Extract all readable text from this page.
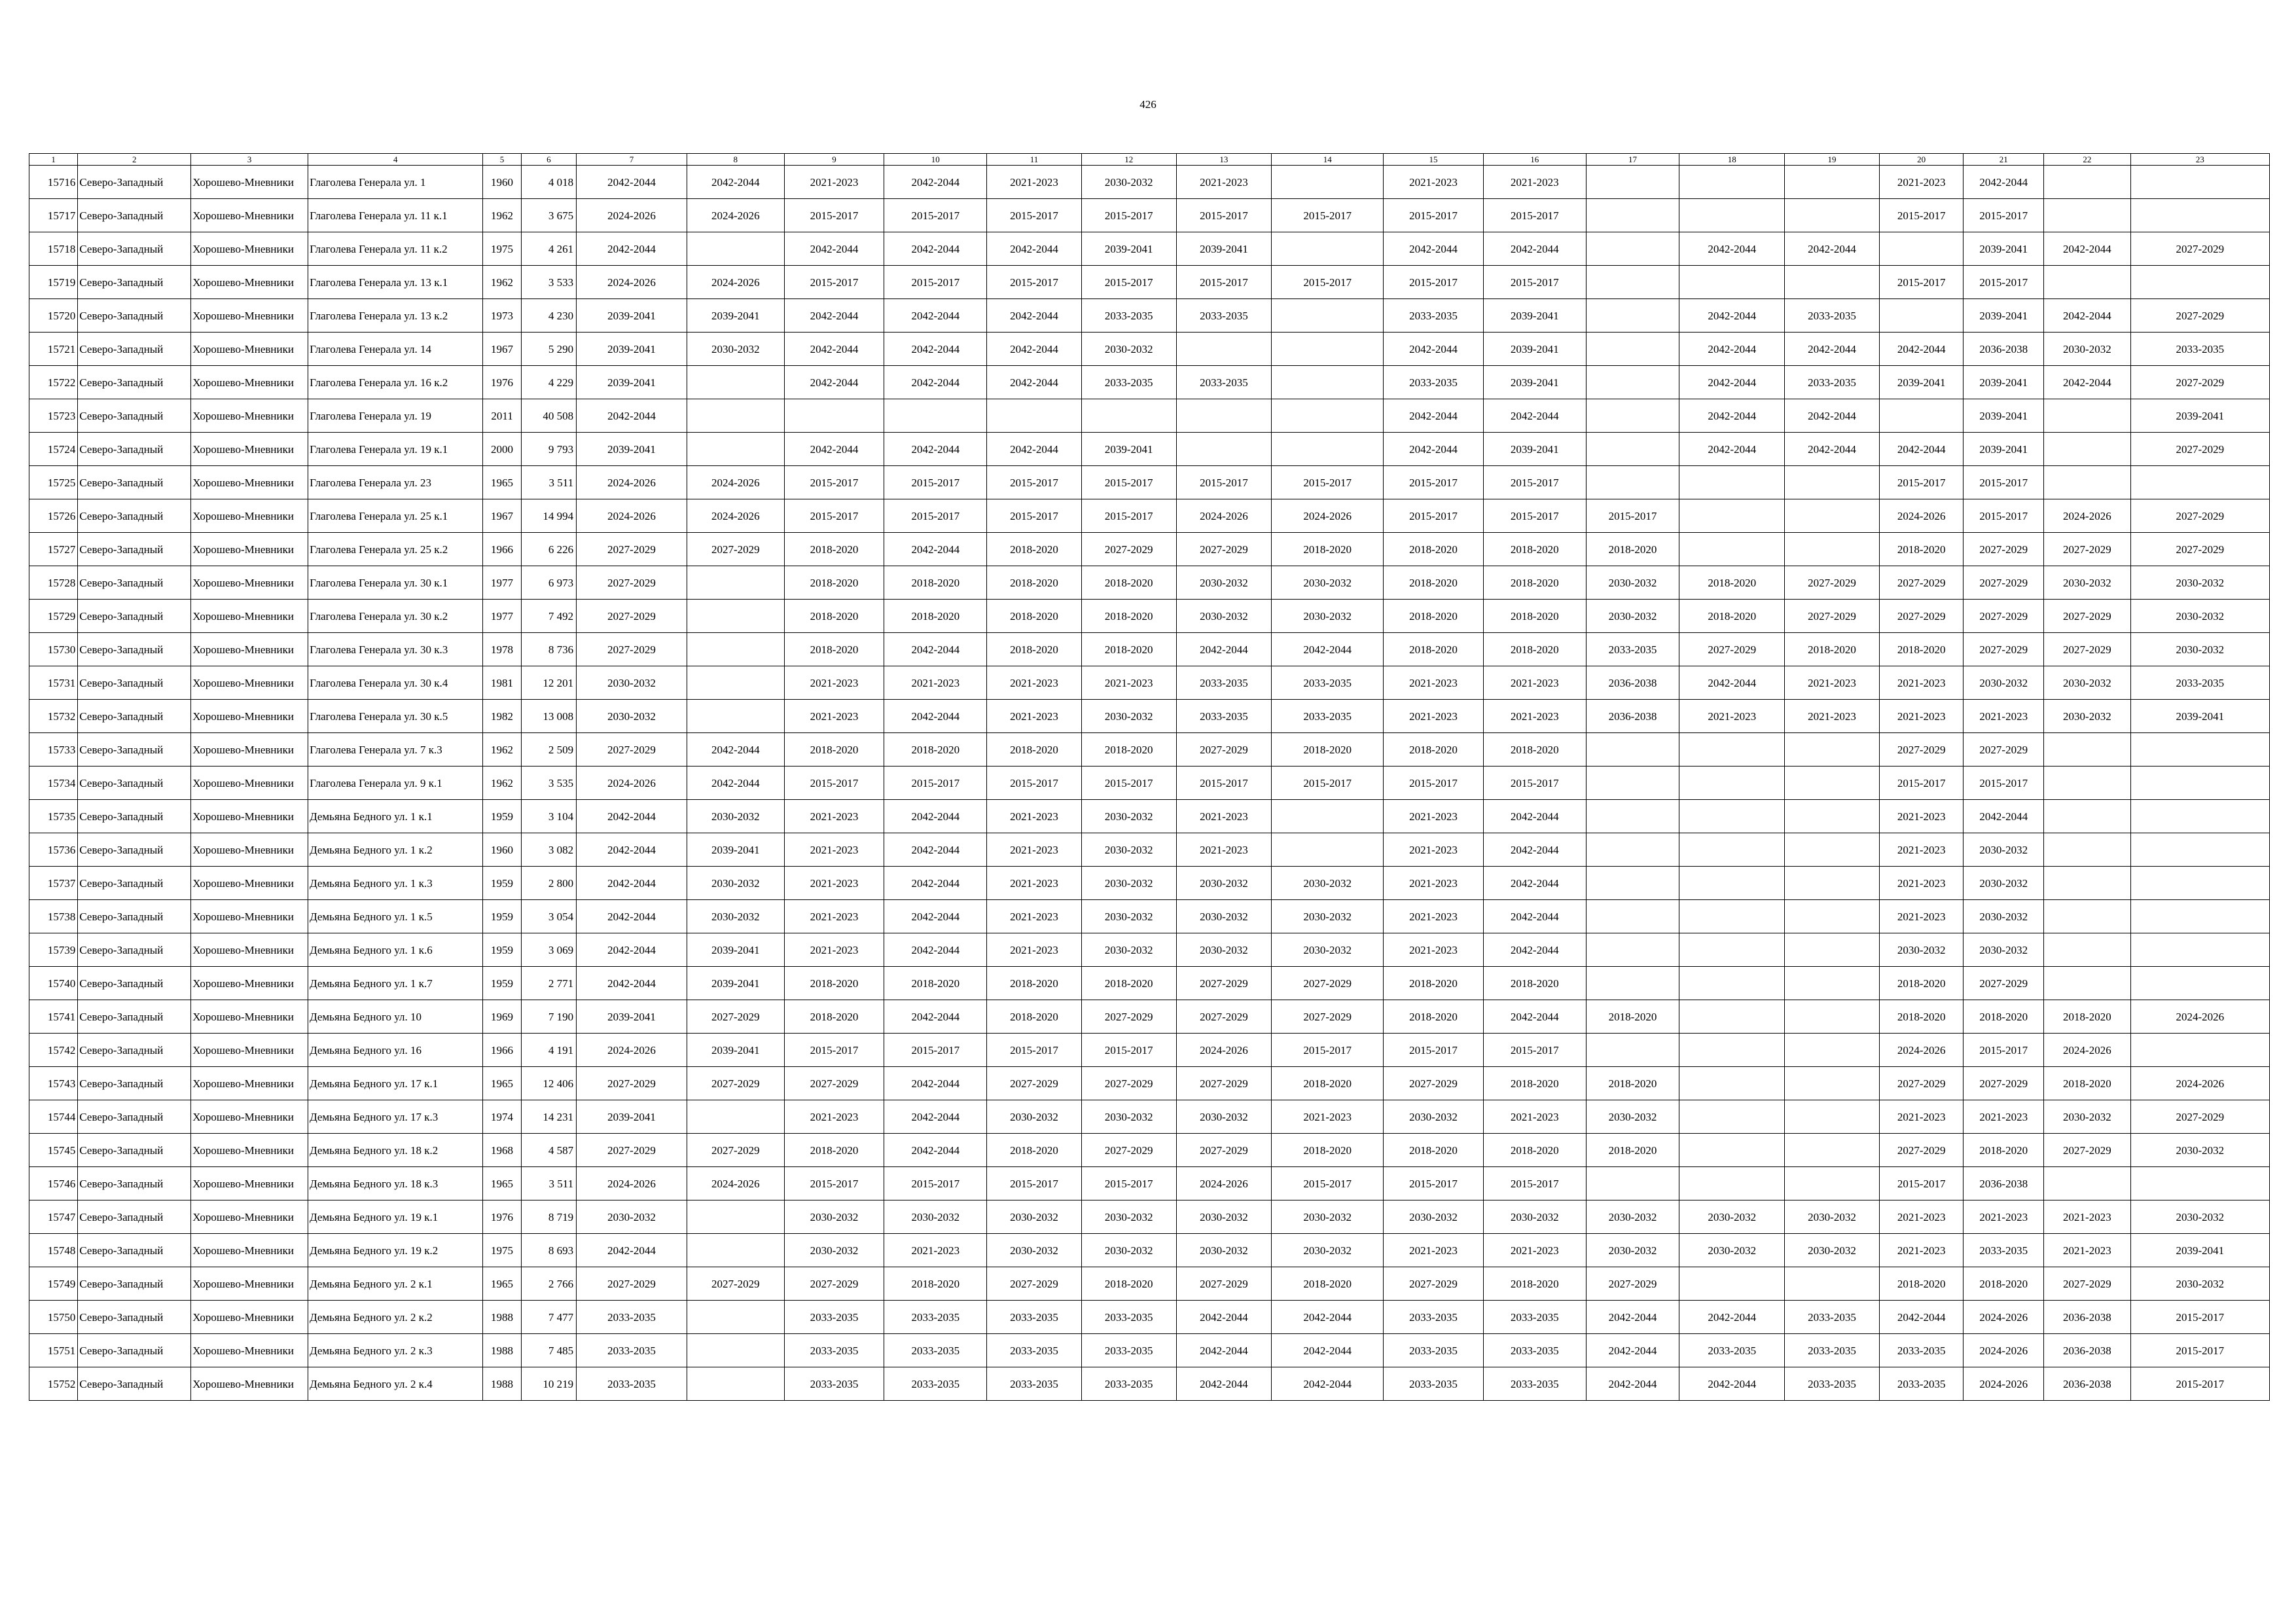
426
1	2	3	4	5	6	7	8	9	10	11	12	13	14	15	16	17	18	19	20	21	22	23
15716	Северо-Западный	Хорошево-Мневники	Глаголева Генерала ул. 1	1960	4 018	2042-2044	2042-2044	2021-2023	2042-2044	2021-2023	2030-2032	2021-2023		2021-2023	2021-2023				2021-2023	2042-2044		
15717	Северо-Западный	Хорошево-Мневники	Глаголева Генерала ул. 11 к.1	1962	3 675	2024-2026	2024-2026	2015-2017	2015-2017	2015-2017	2015-2017	2015-2017	2015-2017	2015-2017	2015-2017				2015-2017	2015-2017		
15718	Северо-Западный	Хорошево-Мневники	Глаголева Генерала ул. 11 к.2	1975	4 261	2042-2044		2042-2044	2042-2044	2042-2044	2039-2041	2039-2041		2042-2044	2042-2044		2042-2044	2042-2044		2039-2041	2042-2044	2027-2029
15719	Северо-Западный	Хорошево-Мневники	Глаголева Генерала ул. 13 к.1	1962	3 533	2024-2026	2024-2026	2015-2017	2015-2017	2015-2017	2015-2017	2015-2017	2015-2017	2015-2017	2015-2017				2015-2017	2015-2017		
15720	Северо-Западный	Хорошево-Мневники	Глаголева Генерала ул. 13 к.2	1973	4 230	2039-2041	2039-2041	2042-2044	2042-2044	2042-2044	2033-2035	2033-2035		2033-2035	2039-2041		2042-2044	2033-2035		2039-2041	2042-2044	2027-2029
15721	Северо-Западный	Хорошево-Мневники	Глаголева Генерала ул. 14	1967	5 290	2039-2041	2030-2032	2042-2044	2042-2044	2042-2044	2030-2032			2042-2044	2039-2041		2042-2044	2042-2044	2042-2044	2036-2038	2030-2032	2033-2035
15722	Северо-Западный	Хорошево-Мневники	Глаголева Генерала ул. 16 к.2	1976	4 229	2039-2041		2042-2044	2042-2044	2042-2044	2033-2035	2033-2035		2033-2035	2039-2041		2042-2044	2033-2035	2039-2041	2039-2041	2042-2044	2027-2029
15723	Северо-Западный	Хорошево-Мневники	Глаголева Генерала ул. 19	2011	40 508	2042-2044								2042-2044	2042-2044		2042-2044	2042-2044		2039-2041		2039-2041
15724	Северо-Западный	Хорошево-Мневники	Глаголева Генерала ул. 19 к.1	2000	9 793	2039-2041		2042-2044	2042-2044	2042-2044	2039-2041			2042-2044	2039-2041		2042-2044	2042-2044	2042-2044	2039-2041		2027-2029
15725	Северо-Западный	Хорошево-Мневники	Глаголева Генерала ул. 23	1965	3 511	2024-2026	2024-2026	2015-2017	2015-2017	2015-2017	2015-2017	2015-2017	2015-2017	2015-2017	2015-2017				2015-2017	2015-2017		
15726	Северо-Западный	Хорошево-Мневники	Глаголева Генерала ул. 25 к.1	1967	14 994	2024-2026	2024-2026	2015-2017	2015-2017	2015-2017	2015-2017	2024-2026	2024-2026	2015-2017	2015-2017	2015-2017			2024-2026	2015-2017	2024-2026	2027-2029
15727	Северо-Западный	Хорошево-Мневники	Глаголева Генерала ул. 25 к.2	1966	6 226	2027-2029	2027-2029	2018-2020	2042-2044	2018-2020	2027-2029	2027-2029	2018-2020	2018-2020	2018-2020	2018-2020			2018-2020	2027-2029	2027-2029	2027-2029
15728	Северо-Западный	Хорошево-Мневники	Глаголева Генерала ул. 30 к.1	1977	6 973	2027-2029		2018-2020	2018-2020	2018-2020	2018-2020	2030-2032	2030-2032	2018-2020	2018-2020	2030-2032	2018-2020	2027-2029	2027-2029	2027-2029	2030-2032	2030-2032
15729	Северо-Западный	Хорошево-Мневники	Глаголева Генерала ул. 30 к.2	1977	7 492	2027-2029		2018-2020	2018-2020	2018-2020	2018-2020	2030-2032	2030-2032	2018-2020	2018-2020	2030-2032	2018-2020	2027-2029	2027-2029	2027-2029	2027-2029	2030-2032
15730	Северо-Западный	Хорошево-Мневники	Глаголева Генерала ул. 30 к.3	1978	8 736	2027-2029		2018-2020	2042-2044	2018-2020	2018-2020	2042-2044	2042-2044	2018-2020	2018-2020	2033-2035	2027-2029	2018-2020	2018-2020	2027-2029	2027-2029	2030-2032
15731	Северо-Западный	Хорошево-Мневники	Глаголева Генерала ул. 30 к.4	1981	12 201	2030-2032		2021-2023	2021-2023	2021-2023	2021-2023	2033-2035	2033-2035	2021-2023	2021-2023	2036-2038	2042-2044	2021-2023	2021-2023	2030-2032	2030-2032	2033-2035
15732	Северо-Западный	Хорошево-Мневники	Глаголева Генерала ул. 30 к.5	1982	13 008	2030-2032		2021-2023	2042-2044	2021-2023	2030-2032	2033-2035	2033-2035	2021-2023	2021-2023	2036-2038	2021-2023	2021-2023	2021-2023	2021-2023	2030-2032	2039-2041
15733	Северо-Западный	Хорошево-Мневники	Глаголева Генерала ул. 7 к.3	1962	2 509	2027-2029	2042-2044	2018-2020	2018-2020	2018-2020	2018-2020	2027-2029	2018-2020	2018-2020	2018-2020				2027-2029	2027-2029		
15734	Северо-Западный	Хорошево-Мневники	Глаголева Генерала ул. 9 к.1	1962	3 535	2024-2026	2042-2044	2015-2017	2015-2017	2015-2017	2015-2017	2015-2017	2015-2017	2015-2017	2015-2017				2015-2017	2015-2017		
15735	Северо-Западный	Хорошево-Мневники	Демьяна Бедного ул. 1 к.1	1959	3 104	2042-2044	2030-2032	2021-2023	2042-2044	2021-2023	2030-2032	2021-2023		2021-2023	2042-2044				2021-2023	2042-2044		
15736	Северо-Западный	Хорошево-Мневники	Демьяна Бедного ул. 1 к.2	1960	3 082	2042-2044	2039-2041	2021-2023	2042-2044	2021-2023	2030-2032	2021-2023		2021-2023	2042-2044				2021-2023	2030-2032		
15737	Северо-Западный	Хорошево-Мневники	Демьяна Бедного ул. 1 к.3	1959	2 800	2042-2044	2030-2032	2021-2023	2042-2044	2021-2023	2030-2032	2030-2032	2030-2032	2021-2023	2042-2044				2021-2023	2030-2032		
15738	Северо-Западный	Хорошево-Мневники	Демьяна Бедного ул. 1 к.5	1959	3 054	2042-2044	2030-2032	2021-2023	2042-2044	2021-2023	2030-2032	2030-2032	2030-2032	2021-2023	2042-2044				2021-2023	2030-2032		
15739	Северо-Западный	Хорошево-Мневники	Демьяна Бедного ул. 1 к.6	1959	3 069	2042-2044	2039-2041	2021-2023	2042-2044	2021-2023	2030-2032	2030-2032	2030-2032	2021-2023	2042-2044				2030-2032	2030-2032		
15740	Северо-Западный	Хорошево-Мневники	Демьяна Бедного ул. 1 к.7	1959	2 771	2042-2044	2039-2041	2018-2020	2018-2020	2018-2020	2018-2020	2027-2029	2027-2029	2018-2020	2018-2020				2018-2020	2027-2029		
15741	Северо-Западный	Хорошево-Мневники	Демьяна Бедного ул. 10	1969	7 190	2039-2041	2027-2029	2018-2020	2042-2044	2018-2020	2027-2029	2027-2029	2027-2029	2018-2020	2042-2044	2018-2020			2018-2020	2018-2020	2018-2020	2024-2026
15742	Северо-Западный	Хорошево-Мневники	Демьяна Бедного ул. 16	1966	4 191	2024-2026	2039-2041	2015-2017	2015-2017	2015-2017	2015-2017	2024-2026	2015-2017	2015-2017	2015-2017				2024-2026	2015-2017	2024-2026	
15743	Северо-Западный	Хорошево-Мневники	Демьяна Бедного ул. 17 к.1	1965	12 406	2027-2029	2027-2029	2027-2029	2042-2044	2027-2029	2027-2029	2027-2029	2018-2020	2027-2029	2018-2020	2018-2020			2027-2029	2027-2029	2018-2020	2024-2026
15744	Северо-Западный	Хорошево-Мневники	Демьяна Бедного ул. 17 к.3	1974	14 231	2039-2041		2021-2023	2042-2044	2030-2032	2030-2032	2030-2032	2021-2023	2030-2032	2021-2023	2030-2032			2021-2023	2021-2023	2030-2032	2027-2029
15745	Северо-Западный	Хорошево-Мневники	Демьяна Бедного ул. 18 к.2	1968	4 587	2027-2029	2027-2029	2018-2020	2042-2044	2018-2020	2027-2029	2027-2029	2018-2020	2018-2020	2018-2020	2018-2020			2027-2029	2018-2020	2027-2029	2030-2032
15746	Северо-Западный	Хорошево-Мневники	Демьяна Бедного ул. 18 к.3	1965	3 511	2024-2026	2024-2026	2015-2017	2015-2017	2015-2017	2015-2017	2024-2026	2015-2017	2015-2017	2015-2017				2015-2017	2036-2038		
15747	Северо-Западный	Хорошево-Мневники	Демьяна Бедного ул. 19 к.1	1976	8 719	2030-2032		2030-2032	2030-2032	2030-2032	2030-2032	2030-2032	2030-2032	2030-2032	2030-2032	2030-2032	2030-2032	2030-2032	2021-2023	2021-2023	2021-2023	2030-2032
15748	Северо-Западный	Хорошево-Мневники	Демьяна Бедного ул. 19 к.2	1975	8 693	2042-2044		2030-2032	2021-2023	2030-2032	2030-2032	2030-2032	2030-2032	2021-2023	2021-2023	2030-2032	2030-2032	2030-2032	2021-2023	2033-2035	2021-2023	2039-2041
15749	Северо-Западный	Хорошево-Мневники	Демьяна Бедного ул. 2 к.1	1965	2 766	2027-2029	2027-2029	2027-2029	2018-2020	2027-2029	2018-2020	2027-2029	2018-2020	2027-2029	2018-2020	2027-2029			2018-2020	2018-2020	2027-2029	2030-2032
15750	Северо-Западный	Хорошево-Мневники	Демьяна Бедного ул. 2 к.2	1988	7 477	2033-2035		2033-2035	2033-2035	2033-2035	2033-2035	2042-2044	2042-2044	2033-2035	2033-2035	2042-2044	2042-2044	2033-2035	2042-2044	2024-2026	2036-2038	2015-2017
15751	Северо-Западный	Хорошево-Мневники	Демьяна Бедного ул. 2 к.3	1988	7 485	2033-2035		2033-2035	2033-2035	2033-2035	2033-2035	2042-2044	2042-2044	2033-2035	2033-2035	2042-2044	2033-2035	2033-2035	2033-2035	2024-2026	2036-2038	2015-2017
15752	Северо-Западный	Хорошево-Мневники	Демьяна Бедного ул. 2 к.4	1988	10 219	2033-2035		2033-2035	2033-2035	2033-2035	2033-2035	2042-2044	2042-2044	2033-2035	2033-2035	2042-2044	2042-2044	2033-2035	2033-2035	2024-2026	2036-2038	2015-2017
